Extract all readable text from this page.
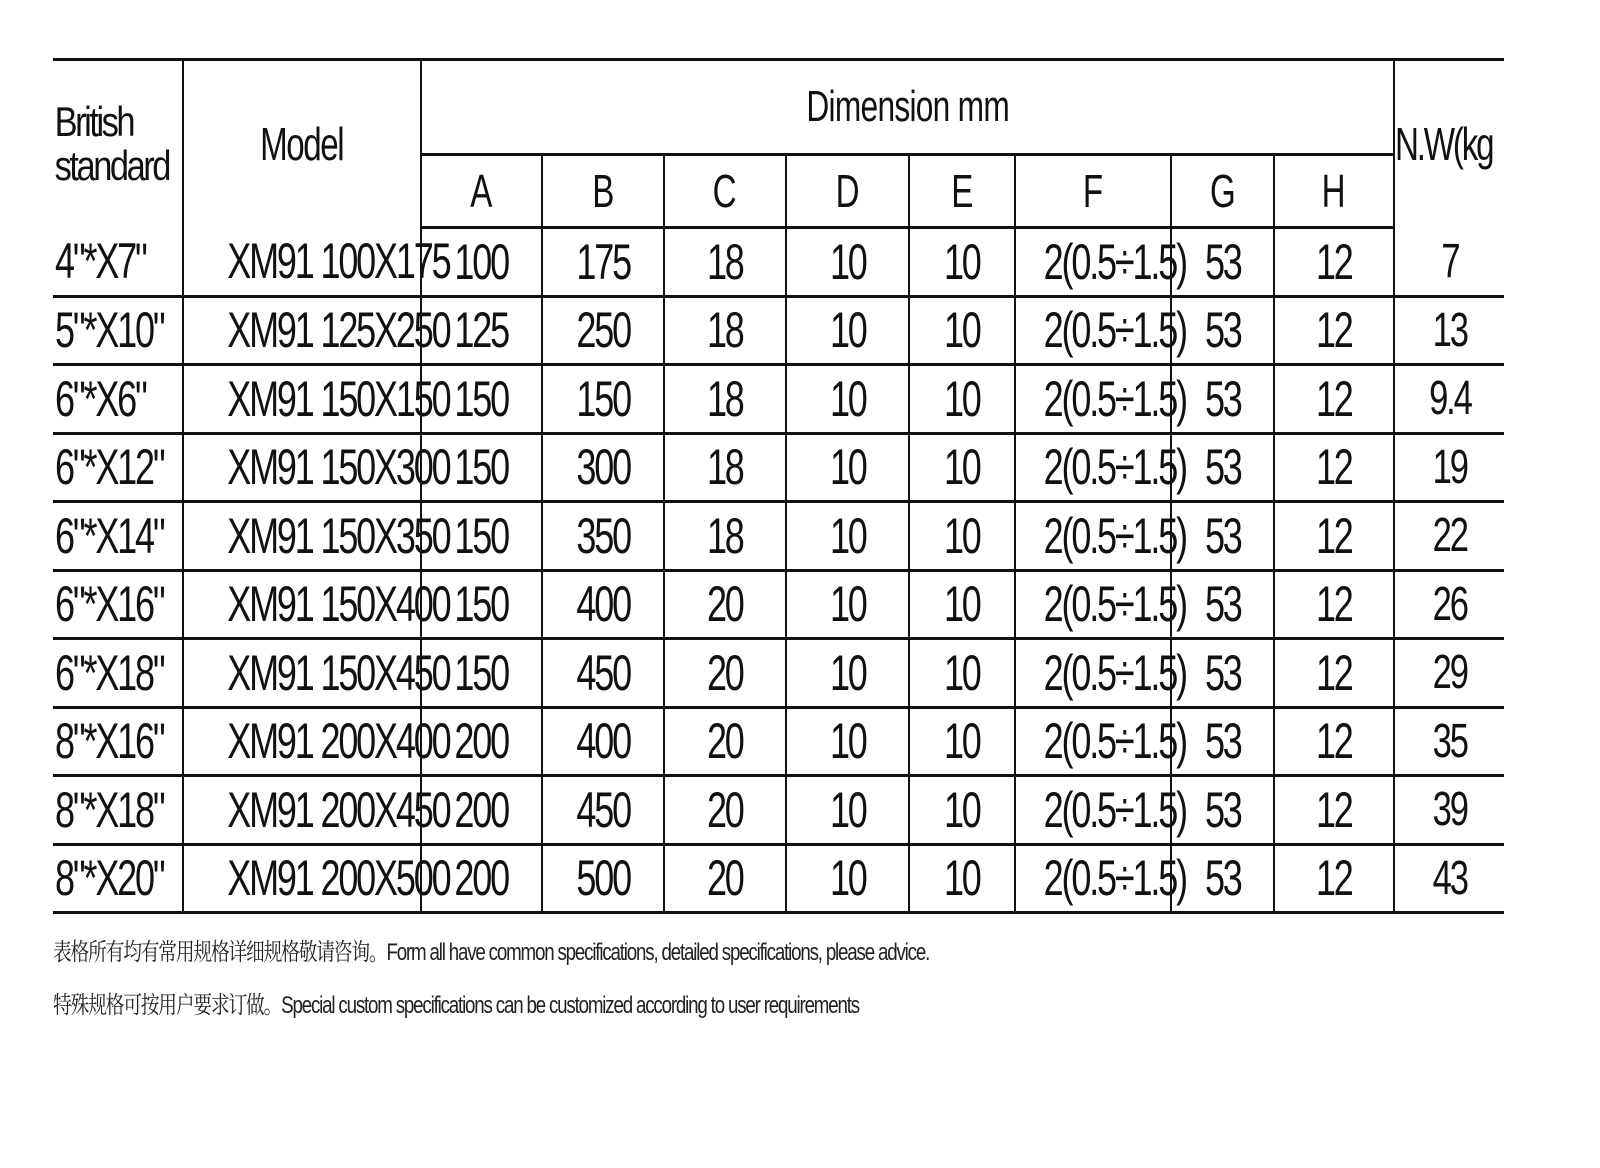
British standard	Model	Dimension mm								N.W(kg
		A	B	C	D	E	F	G	H	
4"*X7"	XM91 100X175	100	175	18	10	10	2(0.5÷1.5)	53	12	7
5"*X10"	XM91 125X250	125	250	18	10	10	2(0.5÷1.5)	53	12	13
6"*X6"	XM91 150X150	150	150	18	10	10	2(0.5÷1.5)	53	12	9.4
6"*X12"	XM91 150X300	150	300	18	10	10	2(0.5÷1.5)	53	12	19
6"*X14"	XM91 150X350	150	350	18	10	10	2(0.5÷1.5)	53	12	22
6"*X16"	XM91 150X400	150	400	20	10	10	2(0.5÷1.5)	53	12	26
6"*X18"	XM91 150X450	150	450	20	10	10	2(0.5÷1.5)	53	12	29
8"*X16"	XM91 200X400	200	400	20	10	10	2(0.5÷1.5)	53	12	35
8"*X18"	XM91 200X450	200	450	20	10	10	2(0.5÷1.5)	53	12	39
8"*X20"	XM91 200X500	200	500	20	10	10	2(0.5÷1.5)	53	12	43
表格所有均有常用规格详细规格敬请咨询。Form all have common specifications, detailed specifications, please advice.
特殊规格可按用户要求订做。Special custom specifications can be customized according to user requirements
